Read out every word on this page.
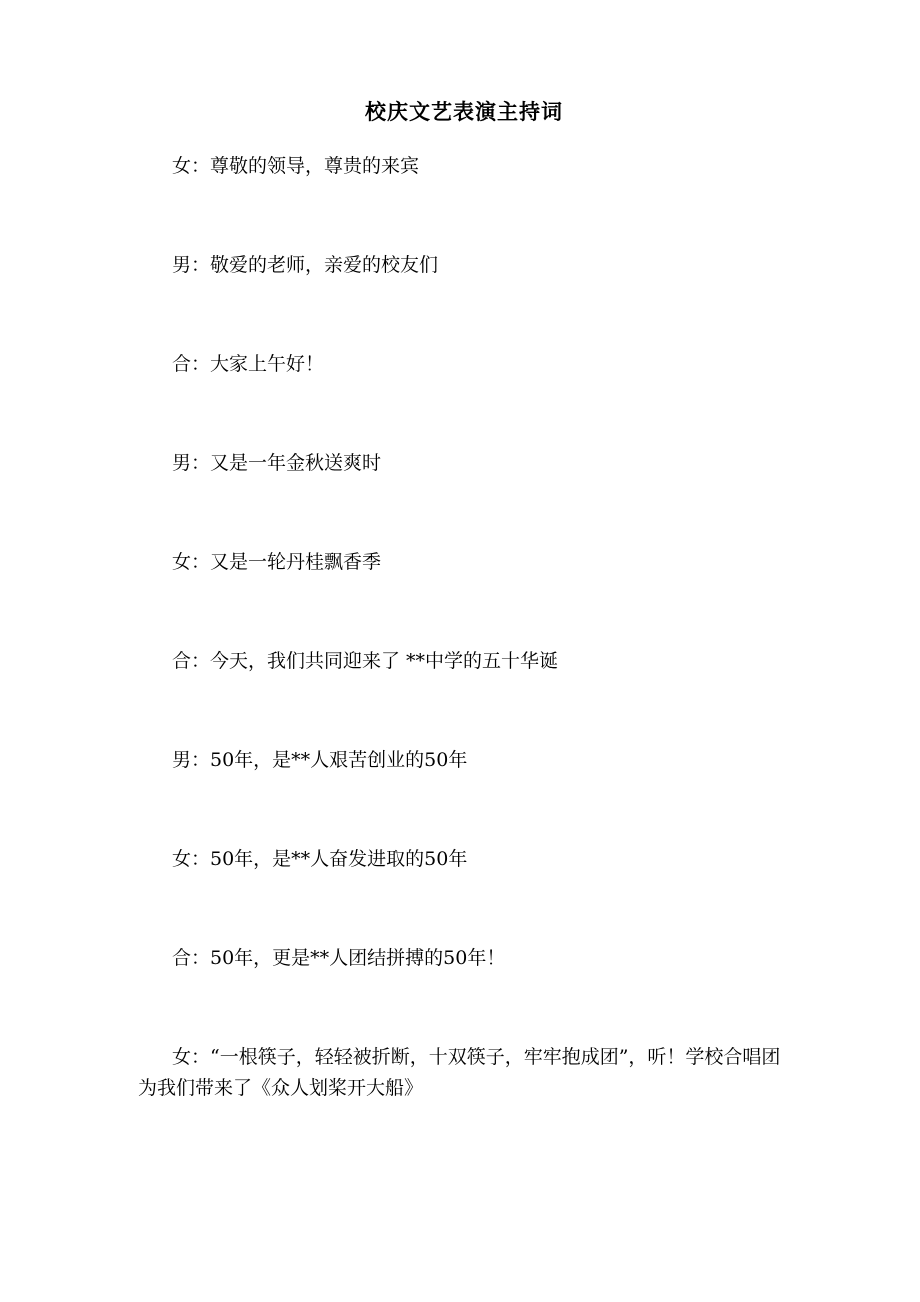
校庆文艺表演主持词

女：尊敬的领导，尊贵的来宾

男：敬爱的老师，亲爱的校友们

合：大家上午好！

男：又是一年金秋送爽时

女：又是一轮丹桂飘香季

合：今天，我们共同迎来了 **中学的五十华诞

男：50年，是**人艰苦创业的50年

女：50年，是**人奋发进取的50年

合：50年，更是**人团结拼搏的50年！

女：“一根筷子，轻轻被折断，十双筷子，牢牢抱成团”，听！学校合唱团为我们带来了《众人划桨开大船》
